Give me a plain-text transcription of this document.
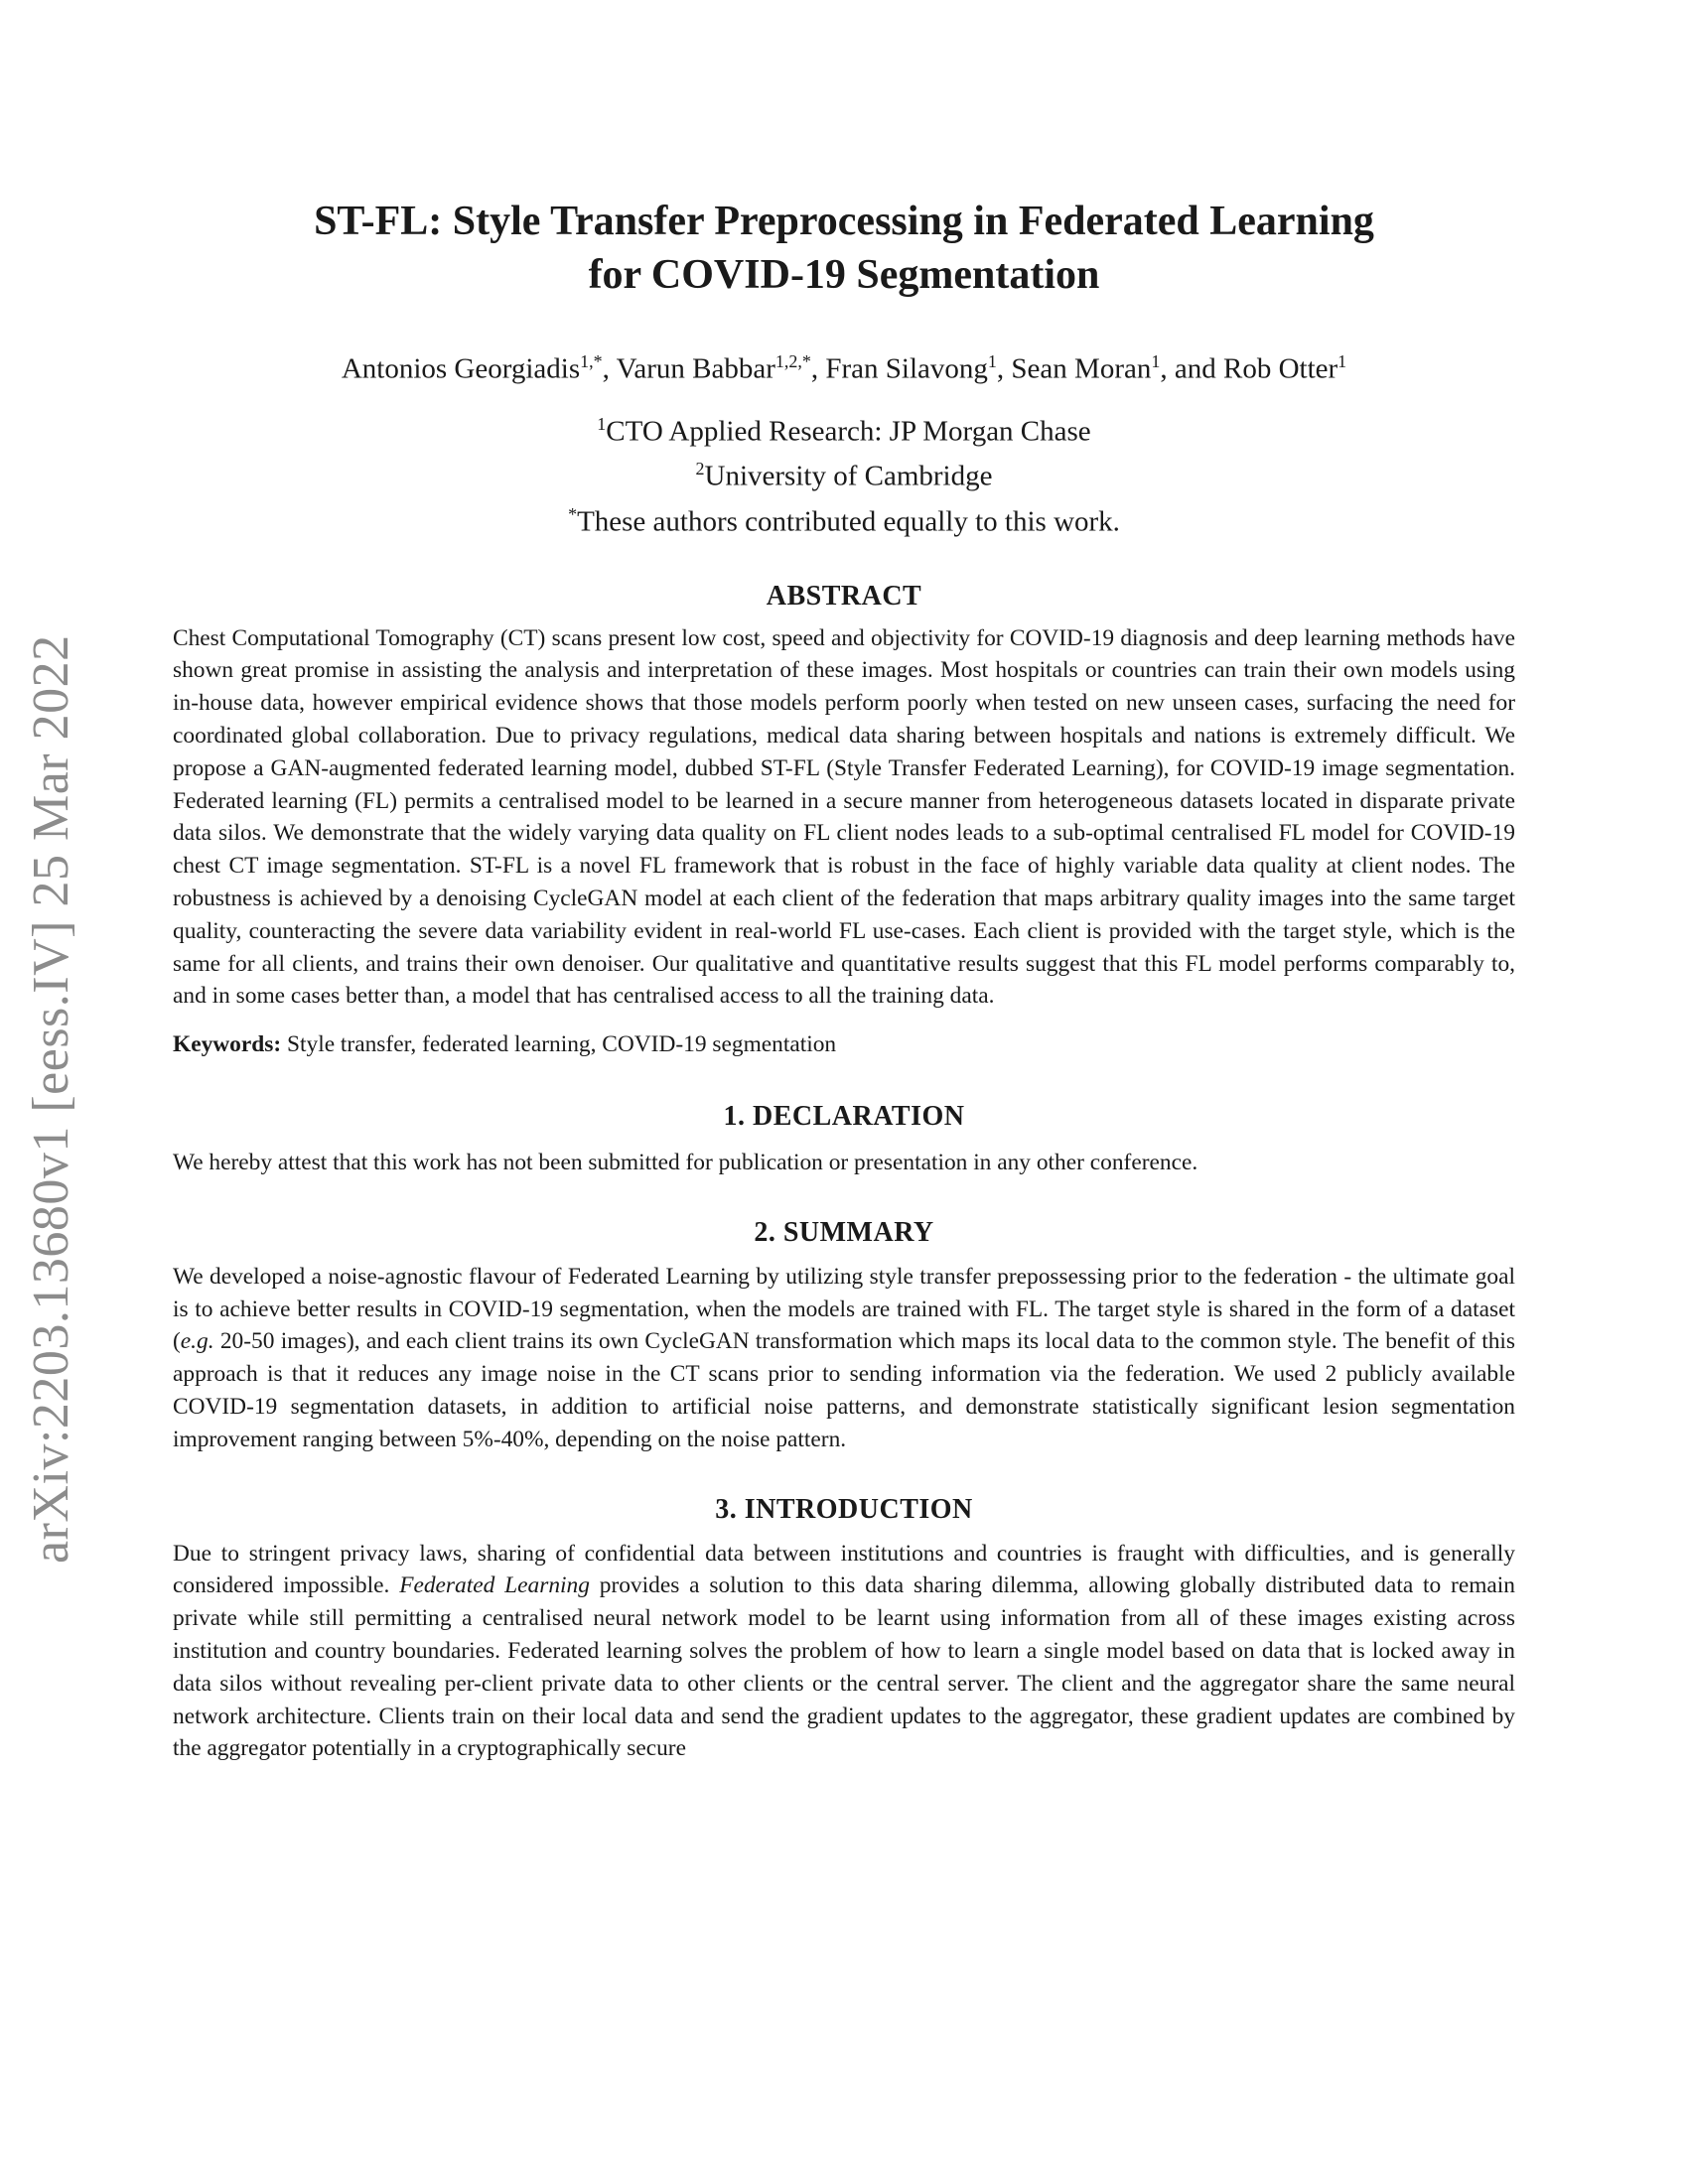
arXiv:2203.13680v1 [eess.IV] 25 Mar 2022
ST-FL: Style Transfer Preprocessing in Federated Learning
for COVID-19 Segmentation
Antonios Georgiadis$^{1,*}$, Varun Babbar$^{1,2,*}$, Fran Silavong$^1$, Sean Moran$^1$, and Rob Otter$^1$
$^1$CTO Applied Research: JP Morgan Chase
$^2$University of Cambridge
*These authors contributed equally to this work.
ABSTRACT

Chest Computational Tomography (CT) scans present low cost, speed and objectivity for COVID-19 diagnosis and deep learning methods have shown great promise in assisting the analysis and interpretation of these images. Most hospitals or countries can train their own models using in-house data, however empirical evidence shows that those models perform poorly when tested on new unseen cases, surfacing the need for coordinated global collaboration. Due to privacy regulations, medical data sharing between hospitals and nations is extremely difficult. We propose a GAN-augmented federated learning model, dubbed ST-FL (Style Transfer Federated Learning), for COVID-19 image segmentation. Federated learning (FL) permits a centralised model to be learned in a secure manner from heterogeneous datasets located in disparate private data silos. We demonstrate that the widely varying data quality on FL client nodes leads to a sub-optimal centralised FL model for COVID-19 chest CT image segmentation. ST-FL is a novel FL framework that is robust in the face of highly variable data quality at client nodes. The robustness is achieved by a denoising CycleGAN model at each client of the federation that maps arbitrary quality images into the same target quality, counteracting the severe data variability evident in real-world FL use-cases. Each client is provided with the target style, which is the same for all clients, and trains their own denoiser. Our qualitative and quantitative results suggest that this FL model performs comparably to, and in some cases better than, a model that has centralised access to all the training data.

Keywords: Style transfer, federated learning, COVID-19 segmentation
1. DECLARATION

We hereby attest that this work has not been submitted for publication or presentation in any other conference.

2. SUMMARY

We developed a noise-agnostic flavour of Federated Learning by utilizing style transfer prepossessing prior to the federation - the ultimate goal is to achieve better results in COVID-19 segmentation, when the models are trained with FL. The target style is shared in the form of a dataset (e.g. 20-50 images), and each client trains its own CycleGAN transformation which maps its local data to the common style. The benefit of this approach is that it reduces any image noise in the CT scans prior to sending information via the federation. We used 2 publicly available COVID-19 segmentation datasets, in addition to artificial noise patterns, and demonstrate statistically significant lesion segmentation improvement ranging between 5%-40%, depending on the noise pattern.

3. INTRODUCTION

Due to stringent privacy laws, sharing of confidential data between institutions and countries is fraught with difficulties, and is generally considered impossible. Federated Learning provides a solution to this data sharing dilemma, allowing globally distributed data to remain private while still permitting a centralised neural network model to be learnt using information from all of these images existing across institution and country boundaries. Federated learning solves the problem of how to learn a single model based on data that is locked away in data silos without revealing per-client private data to other clients or the central server. The client and the aggregator share the same neural network architecture. Clients train on their local data and send the gradient updates to the aggregator, these gradient updates are combined by the aggregator potentially in a cryptographically secure
